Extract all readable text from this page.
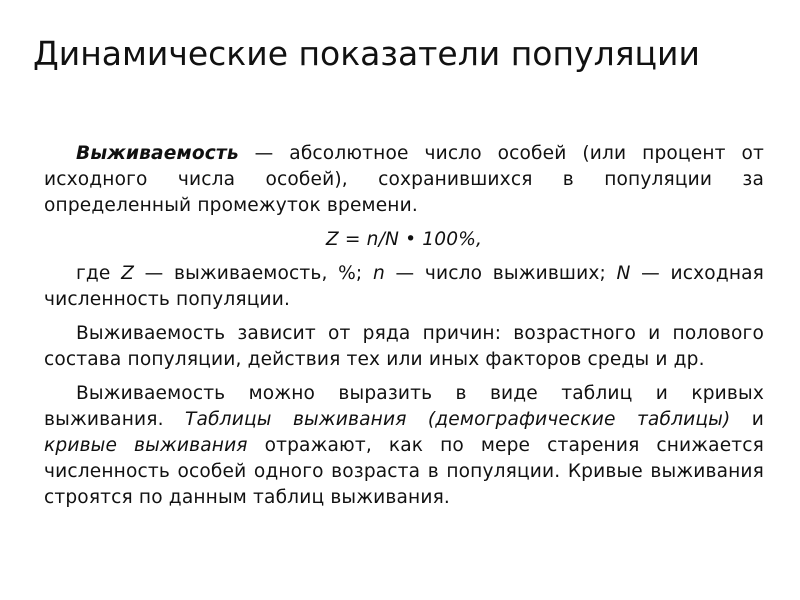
Динамические показатели популяции

Выживаемость — абсолютное число особей (или процент от исходного числа особей), сохранившихся в популяции за определенный промежуток времени.

Z = n/N • 100%,

где Z — выживаемость, %; n — число выживших; N — исходная численность популяции.

Выживаемость зависит от ряда причин: возрастного и полового состава популяции, действия тех или иных факторов среды и др.

Выживаемость можно выразить в виде таблиц и кривых выживания. Таблицы выживания (демографические таблицы) и кривые выживания отражают, как по мере старения снижается численность особей одного возраста в популяции. Кривые выживания строятся по данным таблиц выживания.
